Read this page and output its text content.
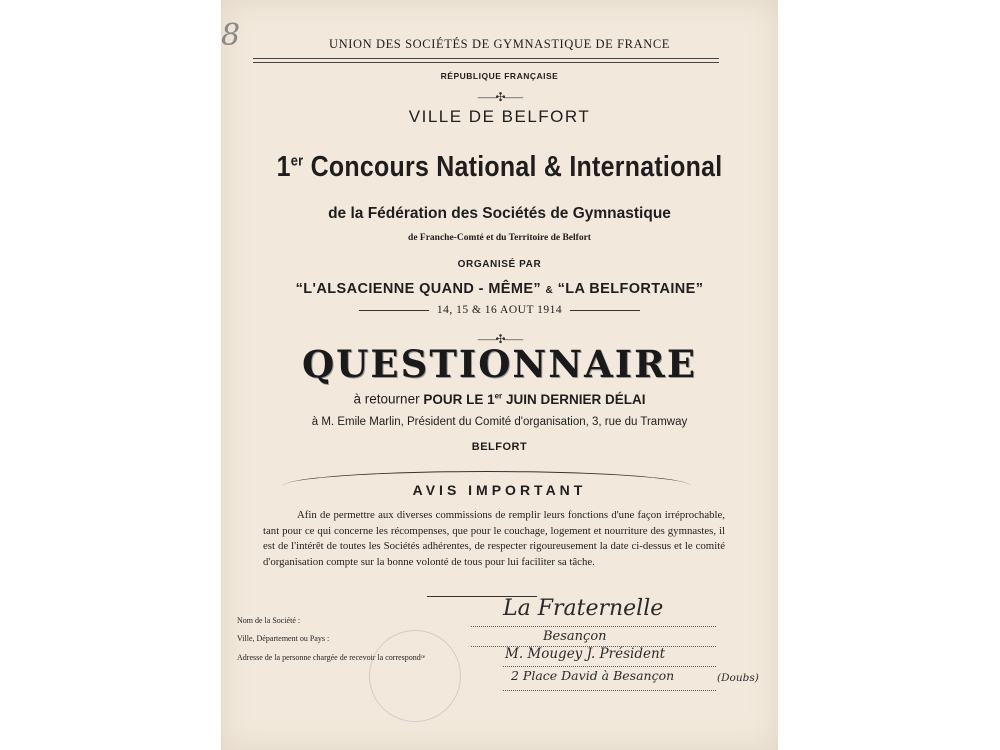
8	UNION DES SOCIÉTÉS DE GYMNASTIQUE DE FRANCE
RÉPUBLIQUE FRANÇAISE
⸺✣⸺
VILLE DE BELFORT
1er Concours National & International
de la Fédération des Sociétés de Gymnastique
de Franche-Comté et du Territoire de Belfort
ORGANISÉ PAR
“L'ALSACIENNE QUAND - MÊME” & “LA BELFORTAINE”
14, 15 & 16 AOUT 1914
⸺✣⸺
QUESTIONNAIRE
à retourner POUR LE 1er JUIN DERNIER DÉLAI
à M. Emile Marlin, Président du Comité d'organisation, 3, rue du Tramway
BELFORT
AVIS IMPORTANT
Afin de permettre aux diverses commissions de remplir leurs fonctions d'une façon irréprochable, tant pour ce qui concerne les récompenses, que pour le couchage, logement et nourriture des gymnastes, il est de l'intérêt de toutes les Sociétés adhérentes, de respecter rigoureusement la date ci-dessus et le comité d'organisation compte sur la bonne volonté de tous pour lui faciliter sa tâche.
Nom de la Société :	La Fraternelle
Ville, Département ou Pays :	Besançon
Adresse de la personne chargée de recevoir la correspondᶜᵉ	M. Mougey J. Président
2 Place David à Besançon	(Doubs)
